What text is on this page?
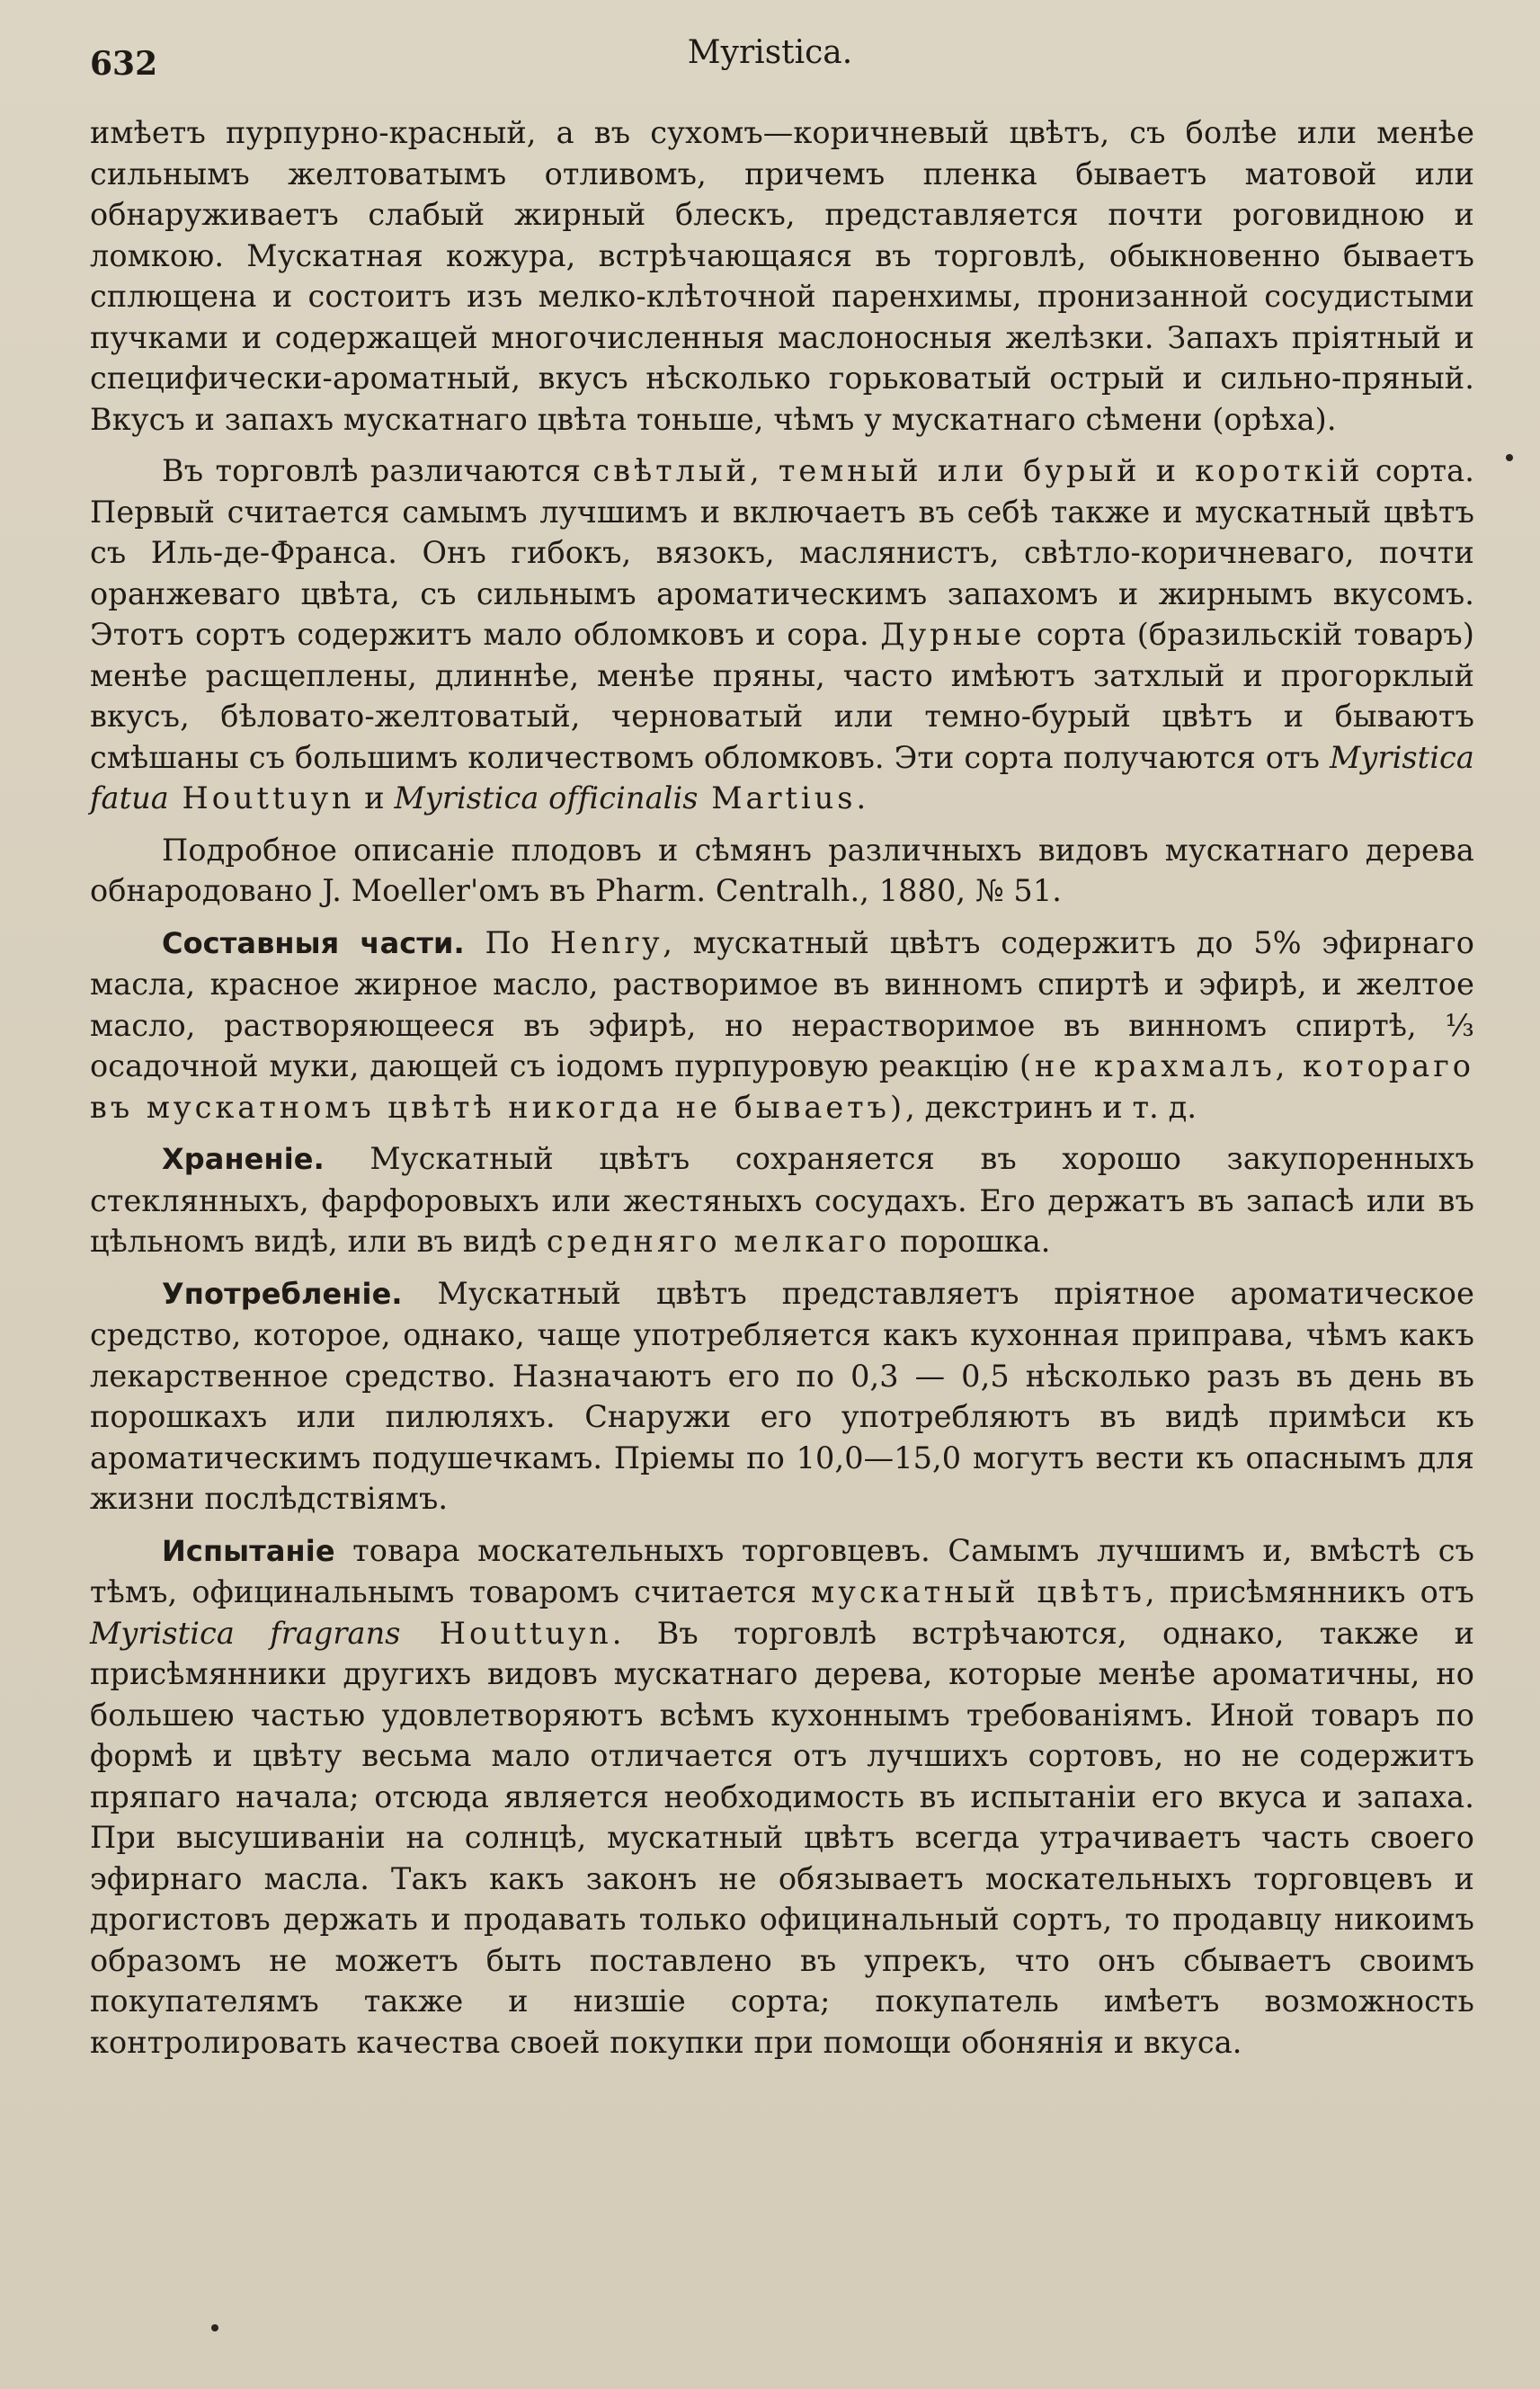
632	Myristica.

имѣетъ пурпурно-красный, а въ сухомъ—коричневый цвѣтъ, съ болѣе или менѣе сильнымъ желтоватымъ отливомъ, причемъ пленка бываетъ матовой или обнаруживаетъ слабый жирный блескъ, представляется почти роговидною и ломкою. Мускатная кожура, встрѣчающаяся въ торговлѣ, обыкновенно бываетъ сплющена и состоитъ изъ мелко-клѣточной паренхимы, пронизанной сосудистыми пучками и содержащей многочисленныя маслоносныя желѣзки. Запахъ пріятный и специфически-ароматный, вкусъ нѣсколько горьковатый острый и сильно-пряный. Вкусъ и запахъ мускатнаго цвѣта тоньше, чѣмъ у мускатнаго сѣмени (орѣха).

Въ торговлѣ различаются свѣтлый, темный или бурый и короткій сорта. Первый считается самымъ лучшимъ и включаетъ въ себѣ также и мускатный цвѣтъ съ Иль-де-Франса. Онъ гибокъ, вязокъ, маслянистъ, свѣтло-коричневаго, почти оранжеваго цвѣта, съ сильнымъ ароматическимъ запахомъ и жирнымъ вкусомъ. Этотъ сортъ содержитъ мало обломковъ и сора. Дурные сорта (бразильскій товаръ) менѣе расщеплены, длиннѣе, менѣе пряны, часто имѣютъ затхлый и прогорклый вкусъ, бѣловато-желтоватый, черноватый или темно-бурый цвѣтъ и бываютъ смѣшаны съ большимъ количествомъ обломковъ. Эти сорта получаются отъ Myristica fatua Houttuyn и Myristica officinalis Martius.

Подробное описаніе плодовъ и сѣмянъ различныхъ видовъ мускатнаго дерева обнародовано J. Moeller'омъ въ Pharm. Centralh., 1880, № 51.

Составныя части. По Henry, мускатный цвѣтъ содержитъ до 5% эфирнаго масла, красное жирное масло, растворимое въ винномъ спиртѣ и эфирѣ, и желтое масло, растворяющееся въ эфирѣ, но нерастворимое въ винномъ спиртѣ, ⅓ осадочной муки, дающей съ іодомъ пурпуровую реакцію (не крахмалъ, котораго въ мускатномъ цвѣтѣ никогда не бываетъ), декстринъ и т. д.

Храненіе. Мускатный цвѣтъ сохраняется въ хорошо закупоренныхъ стеклянныхъ, фарфоровыхъ или жестяныхъ сосудахъ. Его держатъ въ запасѣ или въ цѣльномъ видѣ, или въ видѣ средняго мелкаго порошка.

Употребленіе. Мускатный цвѣтъ представляетъ пріятное ароматическое средство, которое, однако, чаще употребляется какъ кухонная приправа, чѣмъ какъ лекарственное средство. Назначаютъ его по 0,3 — 0,5 нѣсколько разъ въ день въ порошкахъ или пилюляхъ. Снаружи его употребляютъ въ видѣ примѣси къ ароматическимъ подушечкамъ. Пріемы по 10,0—15,0 могутъ вести къ опаснымъ для жизни послѣдствіямъ.

Испытаніе товара москательныхъ торговцевъ. Самымъ лучшимъ и, вмѣстѣ съ тѣмъ, официнальнымъ товаромъ считается мускатный цвѣтъ, присѣмянникъ отъ Myristica fragrans Houttuyn. Въ торговлѣ встрѣчаются, однако, также и присѣмянники другихъ видовъ мускатнаго дерева, которые менѣе ароматичны, но большею частью удовлетворяютъ всѣмъ кухоннымъ требованіямъ. Иной товаръ по формѣ и цвѣту весьма мало отличается отъ лучшихъ сортовъ, но не содержитъ пряпаго начала; отсюда является необходимость въ испытаніи его вкуса и запаха. При высушиваніи на солнцѣ, мускатный цвѣтъ всегда утрачиваетъ часть своего эфирнаго масла. Такъ какъ законъ не обязываетъ москательныхъ торговцевъ и дрогистовъ держать и продавать только официнальный сортъ, то продавцу никоимъ образомъ не можетъ быть поставлено въ упрекъ, что онъ сбываетъ своимъ покупателямъ также и низшіе сорта; покупатель имѣетъ возможность контролировать качества своей покупки при помощи обонянія и вкуса.
